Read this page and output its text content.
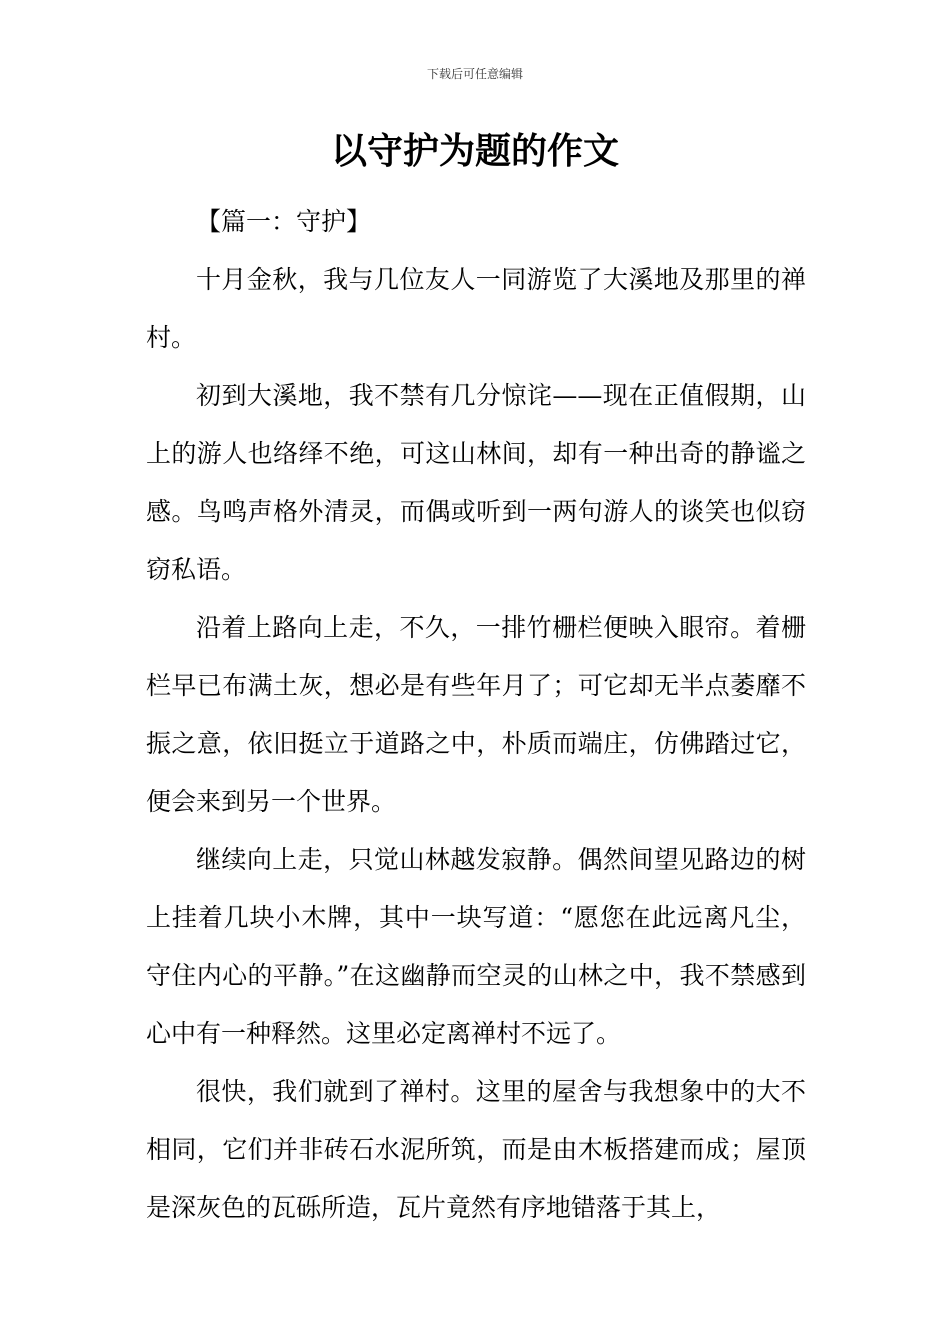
下载后可任意编辑
以守护为题的作文

【篇一：守护】

十月金秋，我与几位友人一同游览了大溪地及那里的禅村。

初到大溪地，我不禁有几分惊诧——现在正值假期，山上的游人也络绎不绝，可这山林间，却有一种出奇的静谧之感。鸟鸣声格外清灵，而偶或听到一两句游人的谈笑也似窃窃私语。

沿着上路向上走，不久，一排竹栅栏便映入眼帘。着栅栏早已布满土灰，想必是有些年月了；可它却无半点萎靡不振之意，依旧挺立于道路之中，朴质而端庄，仿佛踏过它，便会来到另一个世界。

继续向上走，只觉山林越发寂静。偶然间望见路边的树上挂着几块小木牌，其中一块写道：“愿您在此远离凡尘，守住内心的平静。”在这幽静而空灵的山林之中，我不禁感到心中有一种释然。这里必定离禅村不远了。

很快，我们就到了禅村。这里的屋舍与我想象中的大不相同，它们并非砖石水泥所筑，而是由木板搭建而成；屋顶是深灰色的瓦砾所造，瓦片竟然有序地错落于其上，
